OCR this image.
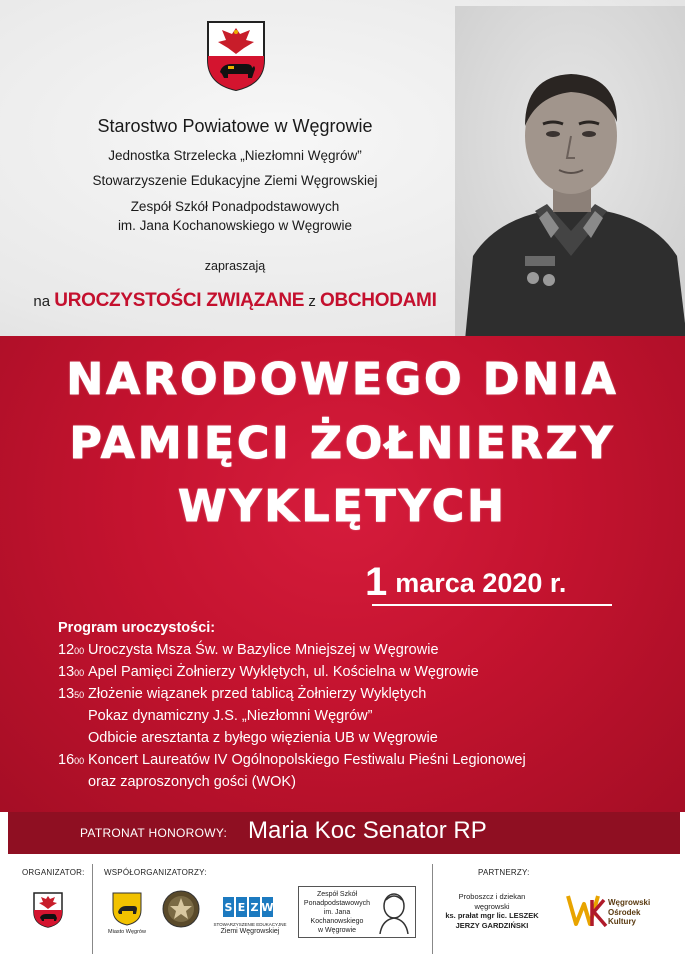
Starostwo Powiatowe w Węgrowie
Jednostka Strzelecka „Niezłomni Węgrów”
Stowarzyszenie Edukacyjne Ziemi Węgrowskiej
Zespół Szkół Ponadpodstawowych
im. Jana Kochanowskiego w Węgrowie
zapraszają
na UROCZYSTOŚCI ZWIĄZANE z OBCHODAMI
NARODOWEGO DNIA
PAMIĘCI ŻOŁNIERZY
WYKLĘTYCH
1 marca 2020 r.
Program uroczystości:
$12^{00}$ Uroczysta Msza Św. w Bazylice Mniejszej w Węgrowie
$13^{00}$ Apel Pamięci Żołnierzy Wyklętych, ul. Kościelna w Węgrowie
$13^{50}$ Złożenie wiązanek przed tablicą Żołnierzy Wyklętych
Pokaz dynamiczny J.S. „Niezłomni Węgrów”
Odbicie aresztanta z byłego więzienia UB w Węgrowie
$16^{00}$ Koncert Laureatów IV Ogólnopolskiego Festiwalu Pieśni Legionowej
oraz zaproszonych gości (WOK)
PATRONAT HONOROWY: Maria Koc Senator RP
ORGANIZATOR: WSPÓŁORGANIZATORZY:	PARTNERZY:
Miasto Węgrów
S E Z W
STOWARZYSZENIE EDUKACYJNE
Ziemi Węgrowskiej
Zespół Szkół
Ponadpodstawowych
im. Jana Kochanowskiego
w Węgrowie
Proboszcz i dziekan
węgrowski
ks. prałat mgr lic. LESZEK
JERZY GARDZIŃSKI
Węgrowski
Ośrodek
Kultury
